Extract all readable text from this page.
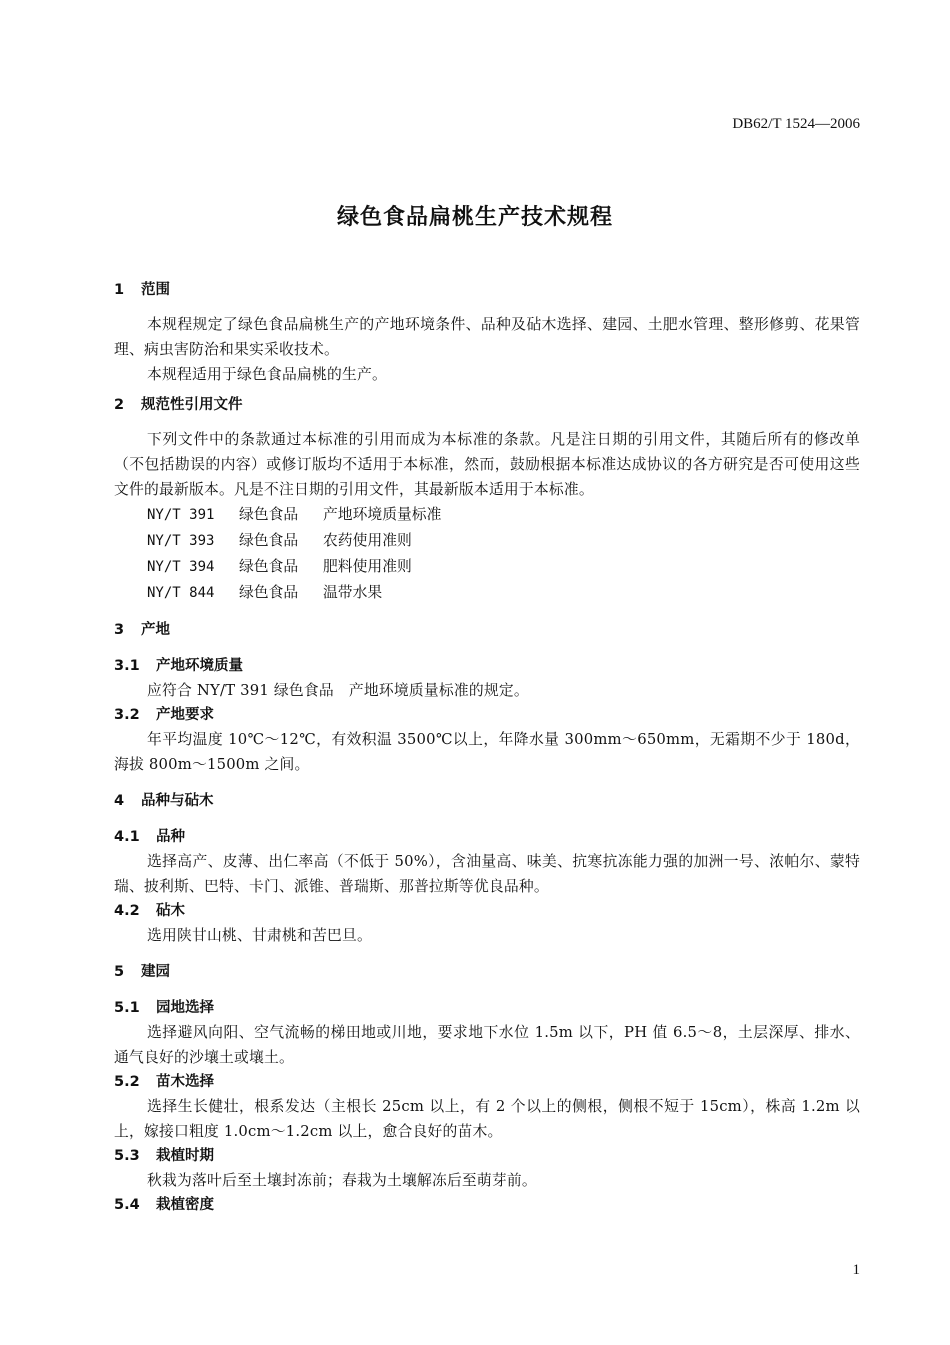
DB62/T 1524—2006
绿色食品扁桃生产技术规程
1 范围
本规程规定了绿色食品扁桃生产的产地环境条件、品种及砧木选择、建园、土肥水管理、整形修剪、花果管理、病虫害防治和果实采收技术。
本规程适用于绿色食品扁桃的生产。
2 规范性引用文件
下列文件中的条款通过本标准的引用而成为本标准的条款。凡是注日期的引用文件，其随后所有的修改单（不包括勘误的内容）或修订版均不适用于本标准，然而，鼓励根据本标准达成协议的各方研究是否可使用这些文件的最新版本。凡是不注日期的引用文件，其最新版本适用于本标准。
NY/T 391 绿色食品 产地环境质量标准
NY/T 393 绿色食品 农药使用准则
NY/T 394 绿色食品 肥料使用准则
NY/T 844 绿色食品 温带水果
3 产地
3.1 产地环境质量
应符合 NY/T 391 绿色食品　产地环境质量标准的规定。
3.2 产地要求
年平均温度 10℃～12℃，有效积温 3500℃以上，年降水量 300mm～650mm，无霜期不少于 180d，海拔 800m～1500m 之间。
4 品种与砧木
4.1 品种
选择高产、皮薄、出仁率高（不低于 50%），含油量高、味美、抗寒抗冻能力强的加洲一号、浓帕尔、蒙特瑞、披利斯、巴特、卡门、派锥、普瑞斯、那普拉斯等优良品种。
4.2 砧木
选用陕甘山桃、甘肃桃和苦巴旦。
5 建园
5.1 园地选择
选择避风向阳、空气流畅的梯田地或川地，要求地下水位 1.5m 以下，PH 值 6.5～8，土层深厚、排水、通气良好的沙壤土或壤土。
5.2 苗木选择
选择生长健壮，根系发达（主根长 25cm 以上，有 2 个以上的侧根，侧根不短于 15cm），株高 1.2m 以上，嫁接口粗度 1.0cm～1.2cm 以上，愈合良好的苗木。
5.3 栽植时期
秋栽为落叶后至土壤封冻前；春栽为土壤解冻后至萌芽前。
5.4 栽植密度
1
